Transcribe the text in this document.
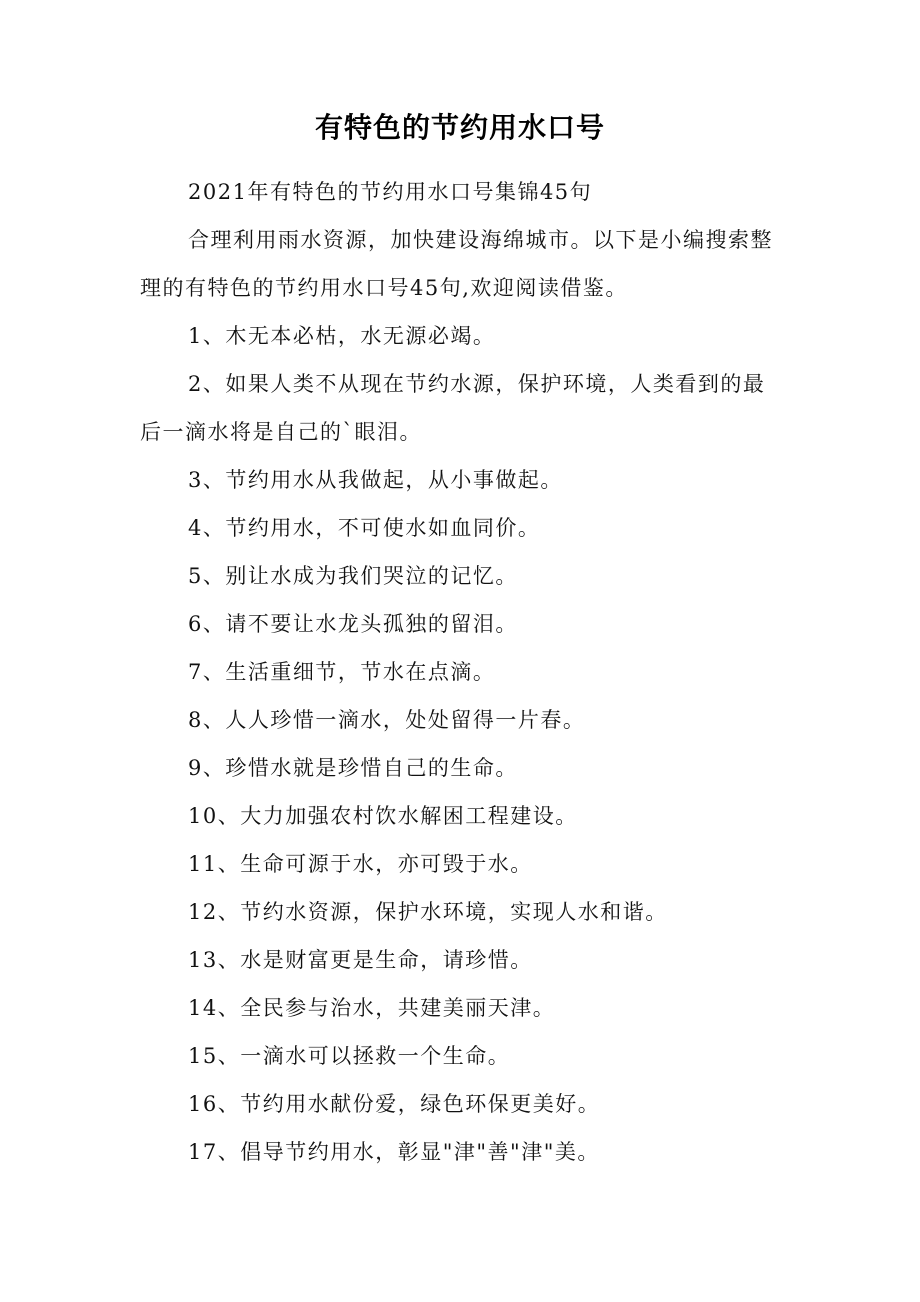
有特色的节约用水口号

2021年有特色的节约用水口号集锦45句

合理利用雨水资源，加快建设海绵城市。以下是小编搜索整理的有特色的节约用水口号45句,欢迎阅读借鉴。

1、木无本必枯，水无源必竭。

2、如果人类不从现在节约水源，保护环境，人类看到的最后一滴水将是自己的`眼泪。

3、节约用水从我做起，从小事做起。

4、节约用水，不可使水如血同价。

5、别让水成为我们哭泣的记忆。

6、请不要让水龙头孤独的留泪。

7、生活重细节，节水在点滴。

8、人人珍惜一滴水，处处留得一片春。

9、珍惜水就是珍惜自己的生命。

10、大力加强农村饮水解困工程建设。

11、生命可源于水，亦可毁于水。

12、节约水资源，保护水环境，实现人水和谐。

13、水是财富更是生命，请珍惜。

14、全民参与治水，共建美丽天津。

15、一滴水可以拯救一个生命。

16、节约用水献份爱，绿色环保更美好。

17、倡导节约用水，彰显"津"善"津"美。
